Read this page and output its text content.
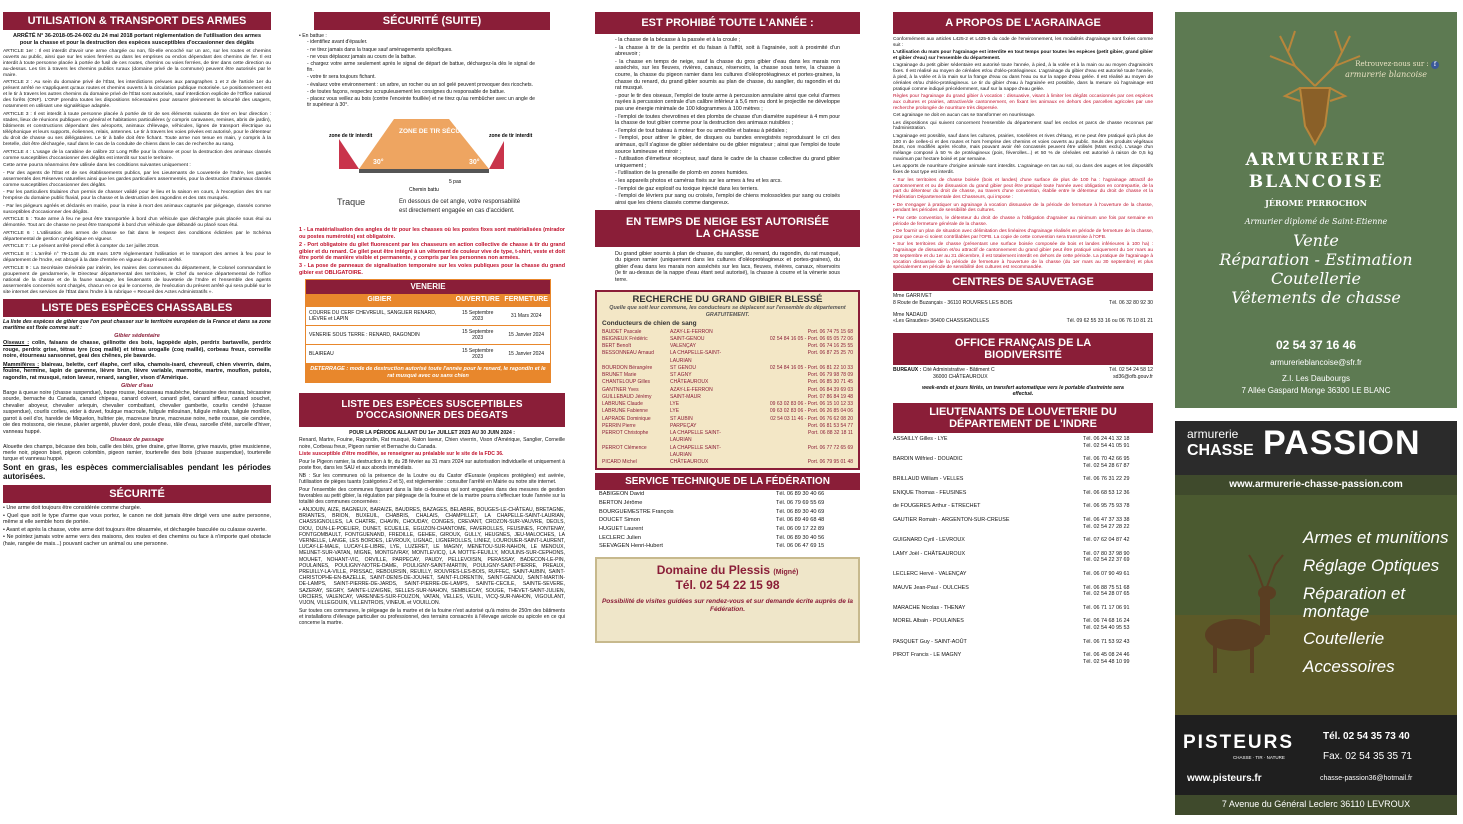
UTILISATION & TRANSPORT DES ARMES

ARRÊTÉ N° 36-2018-05-24-002 du 24 mai 2018 portant réglementation de l'utilisation des armes pour la chasse et pour la destruction des espèces susceptibles d'occasionner des dégâts

ARTICLE 1er : Il est interdit d'avoir une arme chargée ou non, fût-elle encoché sur un arc, sur les routes et chemins ouverts au public, ainsi que sur les voies ferrées ou dans les emprises ou enclos dépendant des chemins de fer. Il est interdit à toute personne placée à portée de fusil de ces routes, chemins ou voies ferrées, de tirer dans cette direction ou au-dessus. Les tirs à travers les chemins publics ruraux (domaine privé de la commune) peuvent être autorisés par le maire.

ARTICLE 2 : Au sein du domaine privé de l'État, les interdictions prévues aux paragraphes 1 et 2 de l'article 1er du présent arrêté ne s'appliquent qu'aux routes et chemins ouverts à la circulation publique motorisée. Le positionnement est et le tir à travers les autres chemins du domaine privé de l'État sont autorisés, sauf interdiction explicite de l'Office national des forêts (ONF). L'ONF prendra toutes les dispositions nécessaires pour assurer pleinement la sécurité des usagers, notamment en utilisant une signalétique adaptée.

ARTICLE 3 : Il est interdit à toute personne placée à portée de tir de ses éléments suivants de tirer en leur direction : stades, lieux de réunions publiques en général et habitations particulières (y compris caravanes, remises, abris de jardin), bâtiments et constructions dépendant des aéroports, animaux d'élevage, véhicules, lignes de transport électrique ou téléphonique et leurs supports, éoliennes, relais, antennes. Le tir à travers les voies privées est autorisé, pour le détenteur du droit de chasse ou ses délégataires. Le tir à balle doit être fichant. Toute arme non tenue en main, y compris à la bretelle, doit être déchargée, sauf dans le cas de la conduite de chiens dans le cas de recherche au sang.

ARTICLE 4 : L'usage de la carabine de calibre 22 Long Rifle pour la chasse et pour la destruction des animaux classés comme susceptibles d'occasionner des dégâts est interdit sur tout le territoire.

Cette arme pourra néanmoins être utilisée dans les conditions suivantes uniquement :

- Par des agents de l'État et de ses établissements publics, par les Lieutenants de Louveterie de l'Indre, les gardes assermentés des Réserves naturelles ainsi que les gardes particuliers assermentés, pour la destruction d'animaux classés comme susceptibles d'occasionner des dégâts.

- Par les particuliers titulaires d'un permis de chasser validé pour le lieu et la saison en cours, à l'exception des tirs sur l'emprise du domaine public fluvial, pour la chasse et la destruction des ragondins et des rats musqués.

- Par les piégeurs agréés et déclarés en mairie, pour la mise à mort des animaux capturés par piégeage, classés comme susceptibles d'occasionner des dégâts.

ARTICLE 5 : Toute arme à feu ne peut être transportée à bord d'un véhicule que déchargée puis placée sous étui ou démontée. Tout arc de chasse ne peut être transporté à bord d'un véhicule que débandé ou placé sous étui.

ARTICLE 6 : L'utilisation des armes de chasse se fait dans le respect des conditions édictées par le Schéma départemental de gestion cynégétique en vigueur.

ARTICLE 7 : Le présent arrêté prend effet à compter du 1er juillet 2018.

ARTICLE 8 : L'arrêté n° 79-1148 du 28 mars 1979 réglementant l'utilisation et le transport des armes à feu pour le département de l'Indre, est abrogé à la date d'entrée en vigueur du présent arrêté.

ARTICLE 9 : La Secrétaire Générale par intérim, les maires des communes du département, le Colonel commandant le groupement de gendarmerie, le Directeur départemental des territoires, le Chef du service départemental de l'office national de la chasse et de la faune sauvage, les lieutenants de louveterie de l'Indre et l'ensemble des agents assermentés concernés sont chargés, chacun en ce qui le concerne, de l'exécution du présent arrêté qui sera publié sur le site internet des services de l'État dans l'Indre à la rubrique « Recueil des Actes Administratifs ».

LISTE DES ESPÈCES CHASSABLES

La liste des espèces de gibier que l'on peut chasser sur le territoire européen de la France et dans sa zone maritime est fixée comme suit :

Gibier sédentaire

Oiseaux : colin, faisans de chasse, gélinotte des bois, lagopède alpin, perdrix bartavelle, perdrix rouge, perdrix grise, tétras lyre (coq maillé) et tétras urogalle (coq maillé), corbeau freux, corneille noire, étourneau sansonnet, geai des chênes, pie bavarde.

Mammifères : blaireau, belette, cerf élaphe, cerf sika, chamois-isard, chevreuil, chien viverrin, daim, fouine, hermine, lapin de garenne, lièvre brun, lièvre variable, marmotte, martre, mouflon, putois, ragondin, rat musqué, raton laveur, renard, sanglier, vison d'Amérique.

Gibier d'eau

Barge à queue noire (chasse suspendue), barge rousse, bécasseau maubèche, bécassine des marais, bécassine sourde, bernache du Canada, canard chipeau, canard colvert, canard pilet, canard siffleur, canard souchet, chevalier aboyeur, chevalier arlequin, chevalier combattant, chevalier gambette, courlis cendré (chasse suspendue), courlis corlieu, eider à duvet, foulque macroule, fuligule milouinan, fuligule milouin, fuligule morillon, garrot à oeil d'or, harelde de Miquelon, huîtrier pie, macreuse brune, macreuse noire, nette rousse, oie cendrée, oie des moissons, oie rieuse, pluvier argenté, pluvier doré, poule d'eau, râle d'eau, sarcelle d'été, sarcelle d'hiver, vanneau huppé.

Oiseaux de passage

Alouette des champs, bécasse des bois, caille des blés, grive draine, grive litorne, grive mauvis, grive musicienne, merle noir, pigeon biset, pigeon colombin, pigeon ramier, tourterelle des bois (chasse suspendue), tourterelle turque et vanneau huppé.

Sont en gras, les espèces commercialisables pendant les périodes autorisées.

SÉCURITÉ
• Une arme doit toujours être considérée comme chargée.
• Quel que soit le type d'arme que vous portez, le canon ne doit jamais être dirigé vers une autre personne, même si elle semble hors de portée.
• Avant et après la chasse, votre arme doit toujours être désarmée, et déchargée basculée ou culasse ouverte.
• Ne pointez jamais votre arme vers des maisons, des routes et des chemins ou face à n'importe quel obstacle (haie, rangée de mais...) pouvant cacher un animal ou une personne.
SÉCURITÉ (SUITE)
• En battue :
- identifiez avant d'épauler.
- ne tirez jamais dans la traque sauf aménagements spécifiques.
- ne vous déplacez jamais au cours de la battue.
- chargez votre arme seulement après le signal de départ de battue, déchargez-la dès le signal de fin.
- votre tir sera toujours fichant.
- évaluez votre environnement : un arbre, un rocher ou un sol gelé peuvent provoquer des ricochets.
- de toutes façons, respectez scrupuleusement les consignes du responsable de battue.
- placez vous veillez au bois (contre l'enceinte fouillée) et ne tirez qu'au rembûcher avec un angle de tir supérieur à 30°.
zone de tir interdit
ZONE DE TIR SÉCURISÉE
zone de tir interdit
30°	30°
5 pas
Chemin battu
Traque	En dessous de cet angle, votre responsabilité
est directement engagée en cas d'accident.

1 - La matérialisation des angles de tir pour les chasses où les postes fixes sont matérialisées (mirador ou postes numérotés) est obligatoire.

2 - Port obligatoire du gilet fluorescent par les chasseurs en action collective de chasse à tir du grand gibier et du renard. Ce gilet peut être intégré à un vêtement de couleur vive de type, t-shirt, veste et doit être porté de manière visible et permanente, y compris par les personnes non armées.

3 - La pose de panneaux de signalisation temporaire sur les voies publiques pour la chasse du grand gibier est OBLIGATOIRE.

VENERIE
GIBIER	OUVERTURE	FERMETURE
COURRE DU CERF CHEVREUIL, SANGLIER RENARD, LIÈVRE et LAPIN	15 Septembre 2023	31 Mars 2024
VENERIE SOUS TERRE : RENARD, RAGONDIN	15 Septembre 2023	15 Janvier 2024
BLAIREAU	15 Septembre 2023	15 Janvier 2024
DETERRAGE : mode de destruction autorisé toute l'année pour le renard, le ragondin et le rat musqué avec ou sans chien
LISTE DES ESPÈCES SUSCEPTIBLES D'OCCASIONNER DES DÉGATS

POUR LA PÉRIODE ALLANT DU 1er JUILLET 2023 AU 30 JUIN 2024 :

Renard, Martre, Fouine, Ragondin, Rat musqué, Raton laveur, Chien viverrin, Vison d'Amérique, Sanglier, Corneille noire, Corbeau freux, Pigeon ramier et Bernache du Canada.

Liste susceptible d'être modifiée, se renseigner au préalable sur le site de la FDC 36.

Pour le Pigeon ramier, la destruction à tir, du 28 février au 31 mars 2024 sur autorisation individuelle et uniquement à poste fixe, dans les SAU et aux abords immédiats.

NB : Sur les communes où la présence de la Loutre ou du Castor d'Eurasie (espèces protégées) est avérée, l'utilisation de pièges tuants (catégories 2 et 5), est réglementée : consulter l'arrêté en Mairie ou notre site internet.

Pour l'ensemble des communes figurant dans la liste ci-dessous qui sont engagées dans des mesures de gestion favorables au petit gibier, la régulation par piégeage de la fouine et de la martre pourra s'effectuer toute l'année sur la totalité des communes concernées :

• ANJOUIN, AIZE, BAGNEUX, BARAIZE, BAUDRES, BAZAGES, BELABRE, BOUGES-LE-CHÂTEAU, BRETAGNE, BRIANTES, BRION, BUXEUIL, CHABRIS, CHALAIS, CHAMPILLET, LA CHAPELLE-SAINT-LAURIAN, CHASSIGNOLLES, LA CHATRE, CHAVIN, CHOUDAY, CONGES, CREVANT, CROZON-SUR-VAUVRE, DEOLS, DIOU, DUN-LE-POELIER, DUNET, ECUEILLE, EGUZON-CHANTOME, FAVEROLLES, FEUSINES, FONTENAY, FONTGOMBAULT, FONTGUENAND, FREDILLE, GEHEE, GIROUX, GULLY, HEUGNES, JEU-MALOCHES, LA VERNELLE, LANGE, LES BORDES, LEVROUX, LIGNAC, LIGNEROLLES, LINIEZ, LOUROUER-SAINT-LAURENT, LUCAY-LE-MALE, LUCAY-LE-LIBRE, LYE, LUZERET, LE MAGNY, MENETOU-SUR-NAHON, LE MENOUX, MEUNET-SUR-VATAN, MIGNE, MONTGIVRAY, MONTLEVICQ, LA MOTTE-FEUILLY, MOULINS-SUR-CEPHONS, MOUHET, NOHANT-VIC, ORVILLE, PARPECAY, PAUDY, PELLEVOISIN, PERASSAY, BADECON-LE-PIN, POULAINES, POULIGNY-NOTRE-DAME, POULIGNY-SAINT-MARTIN, POULIGNY-SAINT-PIERRE, PREAUX, PREUILLY-LA-VILLE, PRISSAC, REBOURSIN, REUILLY, ROUVRES-LES-BOIS, RUFFEC, SAINT-AUBIN, SAINT-CHRISTOPHE-EN-BAZELLE, SAINT-DENIS-DE-JOUHET, SAINT-FLORENTIN, SAINT-GENOU, SAINT-MARTIN-DE-LAMPS, SAINT-PIERRE-DE-JARDS, SAINT-PIERRE-DE-LAMPS, SAINTE-CECILE, SAINTE-SEVERE, SAZERAY, SEGRY, SAINTE-LIZAIGNE, SELLES-SUR-NAHON, SEMBLECAY, SOUGE, THEVET-SAINT-JULIEN, URCIERS, VALENCAY, VARENNES-SUR-FOUZON, VATAN, VELLES, VEUIL, VICQ-SUR-NAHON, VIGOULANT, VIJON, VILLEGOUIN, VILLENTROIS, VINEUIL et VOUILLON.

Sur toutes ces communes, le piégeage de la martre et de la fouine n'est autorisé qu'à moins de 250m des bâtiments et installations d'élevage particulier ou professionnel, des terrains consacrés à l'élevage avicole ou apicole en ce qui concerne la martre.

EST PROHIBÉ TOUTE L'ANNÉE :
- la chasse de la bécasse à la passée et à la croule ;
- la chasse à tir de la perdrix et du faisan à l'affût, soit à l'agrainée, soit à proximité d'un abreuvoir ;
- la chasse en temps de neige, sauf la chasse du gros gibier d'eau dans les marais non asséchés, sur les fleuves, rivières, canaux, réservoirs, la chasse sous terre, la chasse à courre, la chasse du pigeon ramier dans les cultures d'oléoprotéagineux et portes-graines, la chasse du renard, du grand gibier soumis au plan de chasse, du sanglier, du ragondin et du rat musqué.
- pour le tir des oiseaux, l'emploi de toute arme à percussion annulaire ainsi que celui d'armes rayées à percussion centrale d'un calibre inférieur à 5,6 mm ou dont le projectile ne développe pas une énergie minimale de 100 kilogrammes à 100 mètres ;
- l'emploi de toutes chevrotines et des plombs de chasse d'un diamètre supérieur à 4 mm pour la chasse de tout gibier comme pour la destruction des animaux nuisibles ;
- l'emploi de tout bateau à moteur fixe ou amovible et bateau à pédales ;
- l'emploi, pour attirer le gibier, de disques ou bandes enregistrés reproduisant le cri des animaux, qu'il s'agisse de gibier sédentaire ou de gibier migrateur ; ainsi que l'emploi de toute source lumineuse et miroir ;
- l'utilisation d'émetteur récepteur, sauf dans le cadre de la chasse collective du grand gibier uniquement ;
- l'utilisation de la grenaille de plomb en zones humides.
- les appareils photos et caméras fixés sur les armes à feu et les arcs.
- l'emploi de gaz explosif ou toxique injecté dans les terriers.
- l'emploi de lévriers pur sang ou croisés, l'emploi de chiens molossoïdes pur sang ou croisés ainsi que les chiens classés comme dangereux.
EN TEMPS DE NEIGE EST AUTORISÉE LA CHASSE

Du grand gibier soumis à plan de chasse, du sanglier, du renard, du ragondin, du rat musqué, du pigeon ramier (uniquement dans les cultures d'oléoprotéagineux et portes-graines), du gibier d'eau dans les marais non asséchés sur les lacs, fleuves, rivières, canaux, réservoirs (le tir au-dessus de la nappe d'eau étant seul autorisé), la chasse à courre et la vènerie sous terre.

RECHERCHE DU GRAND GIBIER BLESSÉ

Quelle que soit leur commune, les conducteurs se déplacent sur l'ensemble du département GRATUITEMENT.

Conducteurs de chien de sang
BAUDET Pascale	AZAY-LE-FERRON	Port. 06 74 75 15 68
BEIGNEUX Frédéric	SAINT-GENOU	02 54 84 16 05 - Port. 06 65 05 72 06
BERT Benoît	VALENÇAY	Port. 06 74 16 25 55
BESSONNEAU Arnaud	LA CHAPELLE-SAINT-LAURIAN
Port. 06 87 25 25 70
BOURDON Bérangère	ST GENOU	02 54 84 16 05 - Port. 06 81 22 10 33
BRUNET Marie	ST AGNY	Port. 06 79 98 78 09
CHANTELOUP Gilles	CHÂTEAUROUX	Port. 06 85 30 71 45
GANTNER Yves	AZAY-LE-FERRON	Port. 06 84 39 69 03
GUILLEBAUD Jérémy	SAINT-MAUR	Port. 07 86 84 19 48
LABRUNE Claude	LYE	09 63 02 83 06 - Port. 06 15 10 12 33
LABRUNE Fabienne	LYE	09 63 02 83 06 - Port. 06 26 85 04 06
LAPRADE Dominique	ST AUBIN	02 54 03 11 46 - Port. 06 76 62 08 20
PERRIN Pierre	PARPEÇAY	Port. 06 81 53 54 77
PERROT Christophe	LA CHAPELLE SAINT-LAURIAN
Port. 06 88 32 18 11
PERROT Clémence	LA CHAPELLE SAINT-LAURIAN
Port. 06 77 72 65 69
PICARD Michel	CHÂTEAUROUX	Port. 06 79 95 01 48
SERVICE TECHNIQUE DE LA FÉDÉRATION
BABIGEON David	Tél. 06 89 30 40 66
BERTON Jérôme	Tél. 06 79 69 55 69
BOURGUEMESTRE François	Tél. 06 89 30 40 69
DOUCET Simon	Tél. 06 89 49 68 48
HUGUET Laurent	Tél. 06 09 17 22 89
LECLERC Julien	Tél. 06 89 30 40 56
SEEVAGEN Henri-Hubert	Tél. 06 06 47 69 15
Domaine du Plessis (Migné)
Tél. 02 54 22 15 98

Possibilité de visites guidées sur rendez-vous et sur demande écrite auprès de la Fédération.

A PROPOS DE L'AGRAINAGE

Conformément aux articles L425-2 et L425-5 du code de l'environnement, les modalités d'agrainage sont fixées comme suit :

L'utilisation du maïs pour l'agrainage est interdite en tout temps pour toutes les espèces (petit gibier, grand gibier et gibier d'eau) sur l'ensemble du département.

L'agrainage du petit gibier sédentaire est autorisé toute l'année, à pied, à la volée et à la main ou au moyen d'agrainoirs fixes. Il est réalisé au moyen de céréales et/ou d'oléo-protéagineux. L'agrainage du gibier d'eau est autorisé toute l'année, à pied, à la volée et à la main sur la frange d'eau ou dans l'eau ou sur la nappe d'eau gelée. Il est réalisé au moyen de céréales et/ou d'oléo-protéagineux. Le tir du gibier d'eau à l'agrainée est possible, dans la mesure où l'agrainage est pratiqué comme indiqué précédemment, sauf sur la nappe d'eau gelée.

Règles pour l'agrainage du grand gibier à vocation : dissuasive, visant à limiter les dégâts occasionnés par ces espèces aux cultures et prairies, attractive/de cantonnement, en fixant les animaux en dehors des parcelles agricoles par une recherche prolongée de nourriture très dispersée.

Cet agrainage ne doit en aucun cas se transformer en nourrissage.

Les dispositions qui suivent concernent l'ensemble du département sauf les enclos et parcs de chasse reconnus par l'administration.

L'agrainage est possible, sauf dans les cultures, prairies, roselières et rives d'étang, et ne peut être pratiqué qu'à plus de 100 m de celles-ci et des routes et hors l'emprise des chemins et voies ouverts au public. Seuls des produits végétaux bruts, non modifiés après récolte, mais pouvant avoir été concassés peuvent être utilisés (Maïs exclu). L'usage d'un mélange composé à 50 % de protéagineux (pois, féverolles...) et 50 % de céréales est autorisé à raison de 0,5 kg maximum par hectare boisé et par semaine.

Les apports de nourriture d'origine animale sont interdits. L'agrainage en tas au sol, ou dans des auges et les dispositifs fixes de tout type est interdit.

• Sur les territoires de chasse boisée (bois et landes) d'une surface de plus de 100 ha : l'agrainage attractif de cantonnement et ou de dissuasion du grand gibier peut être pratiqué toute l'année avec obligation en contrepartie, de la part du détenteur du droit de chasse, au travers d'une convention, établie entre le détenteur du droit de chasse et la Fédération Départementale des Chasseurs, qui impose :

• De s'engager à pratiquer un agrainage à vocation dissuasive de la période de fermeture à l'ouverture de la chasse, pendant les périodes de sensibilité des cultures.

• Par cette convention, le détenteur du droit de chasse a l'obligation d'agrainer au minimum une fois par semaine en période de fermeture générale de la chasse.

• De fournir un plan de situation avec délimitation des linéaires d'agrainage réalisés en période de fermeture de la chasse, pour que ceux-ci soient contrôlables par l'OFB. La copie de cette convention sera transmise à l'OFB.

• Sur les territoires de chasse (présentant une surface boisée composée de bois et landes inférieures à 100 ha) : l'agrainage de dissuasion et/ou attractif de cantonnement du grand gibier peut être pratiqué uniquement du 1er mars au 30 septembre et du 1er au 31 décembre, il est totalement interdit en dehors de cette période. La pratique de l'agrainage à vocation dissuasive de la période de fermeture à l'ouverture de la chasse (du 1er mars au 30 septembre) et plus spécialement en période de sensibilité des cultures est recommandée.

CENTRES DE SAUVETAGE
Mme GARRIVET
8 Route de Buzançais - 36110 ROUVRES LES BOIS	Tél. 06 32 80 92 30
Mme NADAUD
«Les Giraudes» 36400 CHASSIGNOLLES	Tél. 09 62 55 33 16 ou 06 76 10 81 21
OFFICE FRANÇAIS DE LA BIODIVERSITÉ
BUREAUX : Cité Administrative - Bâtiment C	Tél. 02 54 24 58 12
36000 CHÂTEAUROUX	sd36@ofb.gouv.fr

week-ends et jours fériés, un transfert automatique vers le portable d'astreinte sera effectué.

LIEUTENANTS DE LOUVETERIE DU DÉPARTEMENT DE L'INDRE
ASSAILLY Gilles - LYE	Tél. 06 24 41 32 18
Tél. 02 54 41 05 91
BARDIN Wilfried - DOUADIC	Tél. 06 70 42 66 95
Tél. 02 54 28 67 87
BRILLAUD William - VELLES	Tél. 06 76 31 22 29
ENIQUE Thomas - FEUSINES	Tél. 06 68 53 12 36
de FOUGERES Arthur - ETRECHET	Tél. 06 95 75 93 78
GAUTIER Romain - ARGENTON-SUR-CREUSE	Tél. 06 47 37 33 38
Tél. 02 54 27 28 22
GUIGNARD Cyril - LEVROUX	Tél. 07 62 04 87 42
LAMY Joël - CHÂTEAUROUX	Tél. 07 80 37 98 90
Tél. 02 54 22 37 69
LECLERC Hervé - VALENÇAY	Tél. 06 07 90 49 61
MAUVE Jean-Paul - OULCHES	Tél. 06 88 75 51 68
Tél. 02 54 28 07 65
MARACHE Nicolas - THENAY	Tél. 06 71 17 06 91
MOREL Albain - POULAINES	Tél. 06 74 68 16 24
Tél. 02 54 40 95 53
PASQUET Guy - SAINT-AOÛT	Tél. 06 71 53 92 43
PIROT Francis - LE MAGNY	Tél. 06 45 08 24 46
Tél. 02 54 48 10 99
Retrouvez-nous sur : f
armurerie blancoise
ARMURERIE
BLANCOISE
JÉROME PERROCHON
Armurier diplomé de Saint-Etienne
Vente
Réparation - Estimation
Coutellerie
Vêtements de chasse
02 54 37 16 46
armurerieblancoise@sfr.fr
Z.I. Les Daubourgs
7 Allée Gaspard Monge 36300 LE BLANC
armurerie
CHASSE PASSION
www.armurerie-chasse-passion.com
Armes et munitions
Réglage Optiques
Réparation et montage
Coutellerie
Accessoires
PISTEURS
CHASSE · TIR · NATURE
Tél. 02 54 35 73 40
Fax. 02 54 35 35 71
www.pisteurs.fr	chasse-passion36@hotmail.fr
7 Avenue du Général Leclerc 36110 LEVROUX
